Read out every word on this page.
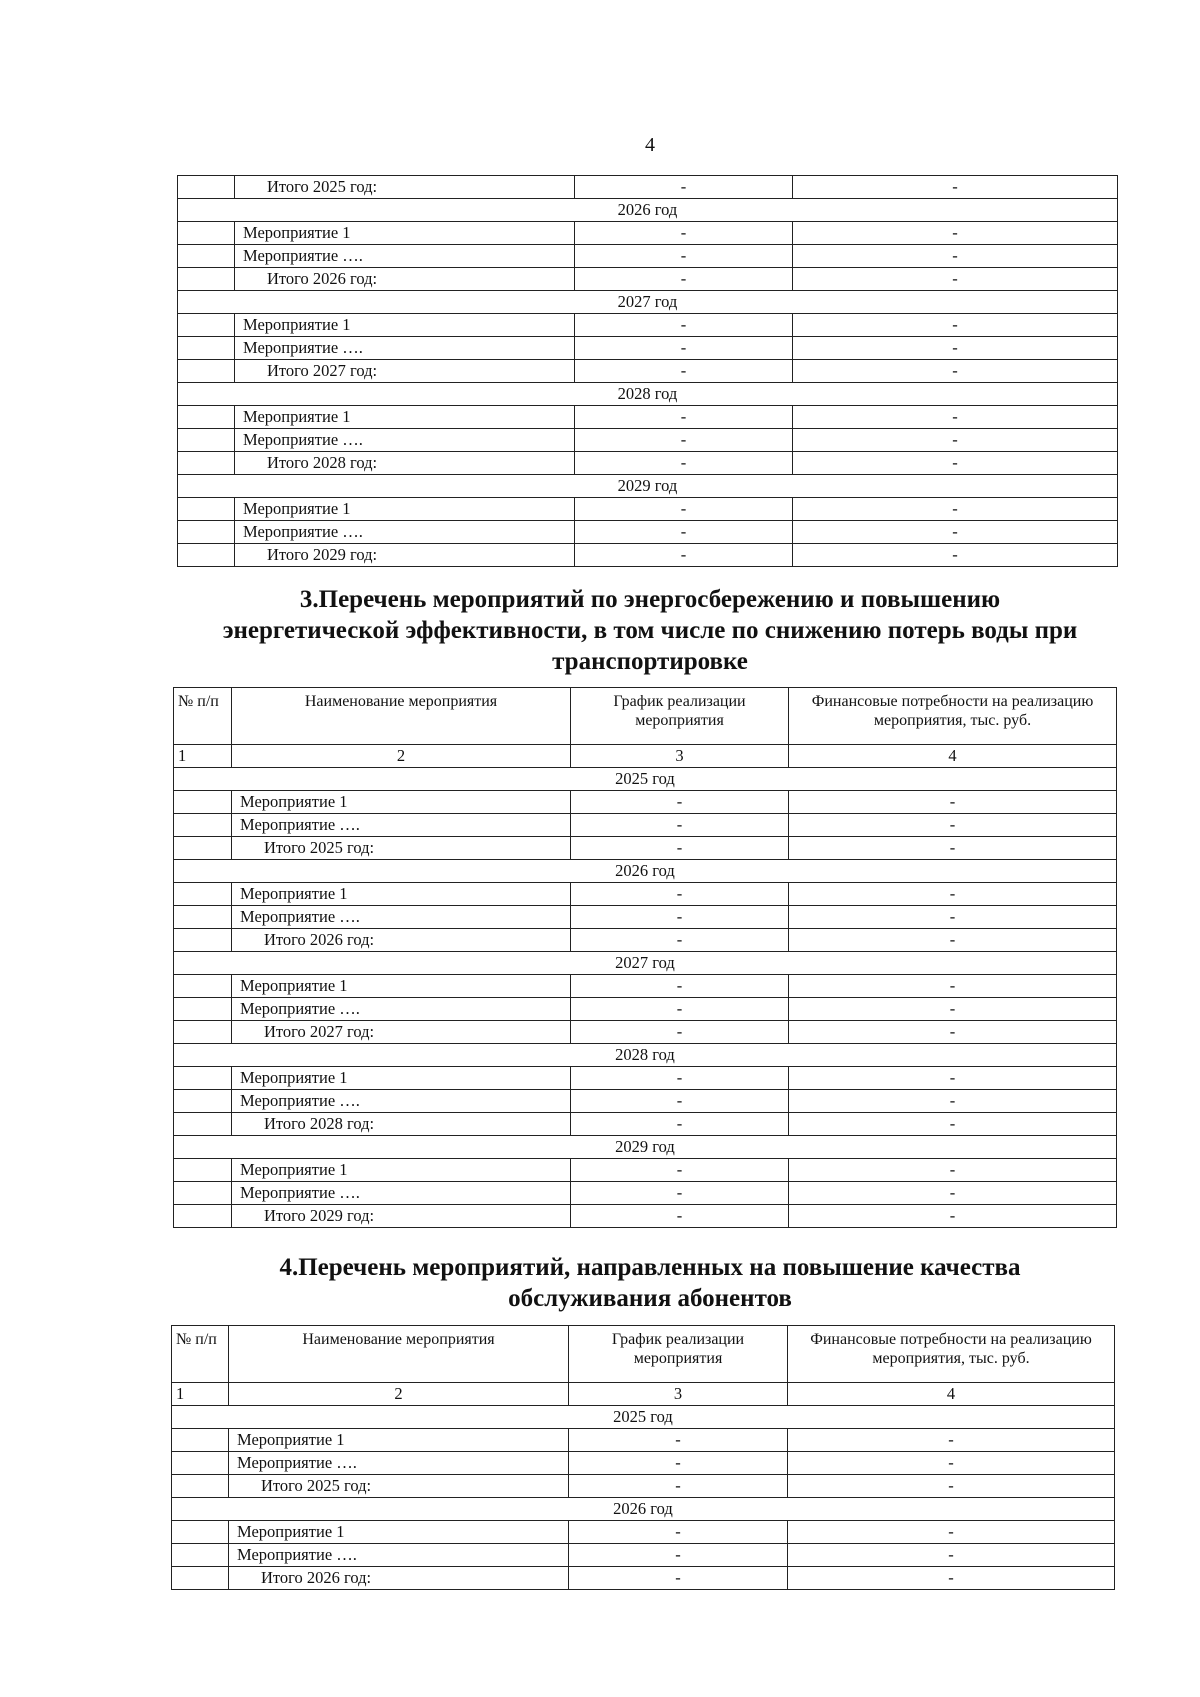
4
	Итого 2025 год:	-	-
2026 год			
	Мероприятие 1	-	-
	Мероприятие ….	-	-
	Итого 2026 год:	-	-
2027 год			
	Мероприятие 1	-	-
	Мероприятие ….	-	-
	Итого 2027 год:	-	-
2028 год			
	Мероприятие 1	-	-
	Мероприятие ….	-	-
	Итого 2028 год:	-	-
2029 год			
	Мероприятие 1	-	-
	Мероприятие ….	-	-
	Итого 2029 год:	-	-
3.Перечень мероприятий по энергосбережению и повышению
энергетической эффективности, в том числе по снижению потерь воды при
транспортировке
№ п/п	Наименование мероприятия	График реализации мероприятия	Финансовые потребности на реализацию мероприятия, тыс. руб.
1	2	3	4
2025 год			
	Мероприятие 1	-	-
	Мероприятие ….	-	-
	Итого 2025 год:	-	-
2026 год			
	Мероприятие 1	-	-
	Мероприятие ….	-	-
	Итого 2026 год:	-	-
2027 год			
	Мероприятие 1	-	-
	Мероприятие ….	-	-
	Итого 2027 год:	-	-
2028 год			
	Мероприятие 1	-	-
	Мероприятие ….	-	-
	Итого 2028 год:	-	-
2029 год			
	Мероприятие 1	-	-
	Мероприятие ….	-	-
	Итого 2029 год:	-	-
4.Перечень мероприятий, направленных на повышение качества
обслуживания абонентов
№ п/п	Наименование мероприятия	График реализации мероприятия	Финансовые потребности на реализацию мероприятия, тыс. руб.
1	2	3	4
2025 год			
	Мероприятие 1	-	-
	Мероприятие ….	-	-
	Итого 2025 год:	-	-
2026 год			
	Мероприятие 1	-	-
	Мероприятие ….	-	-
	Итого 2026 год:	-	-
